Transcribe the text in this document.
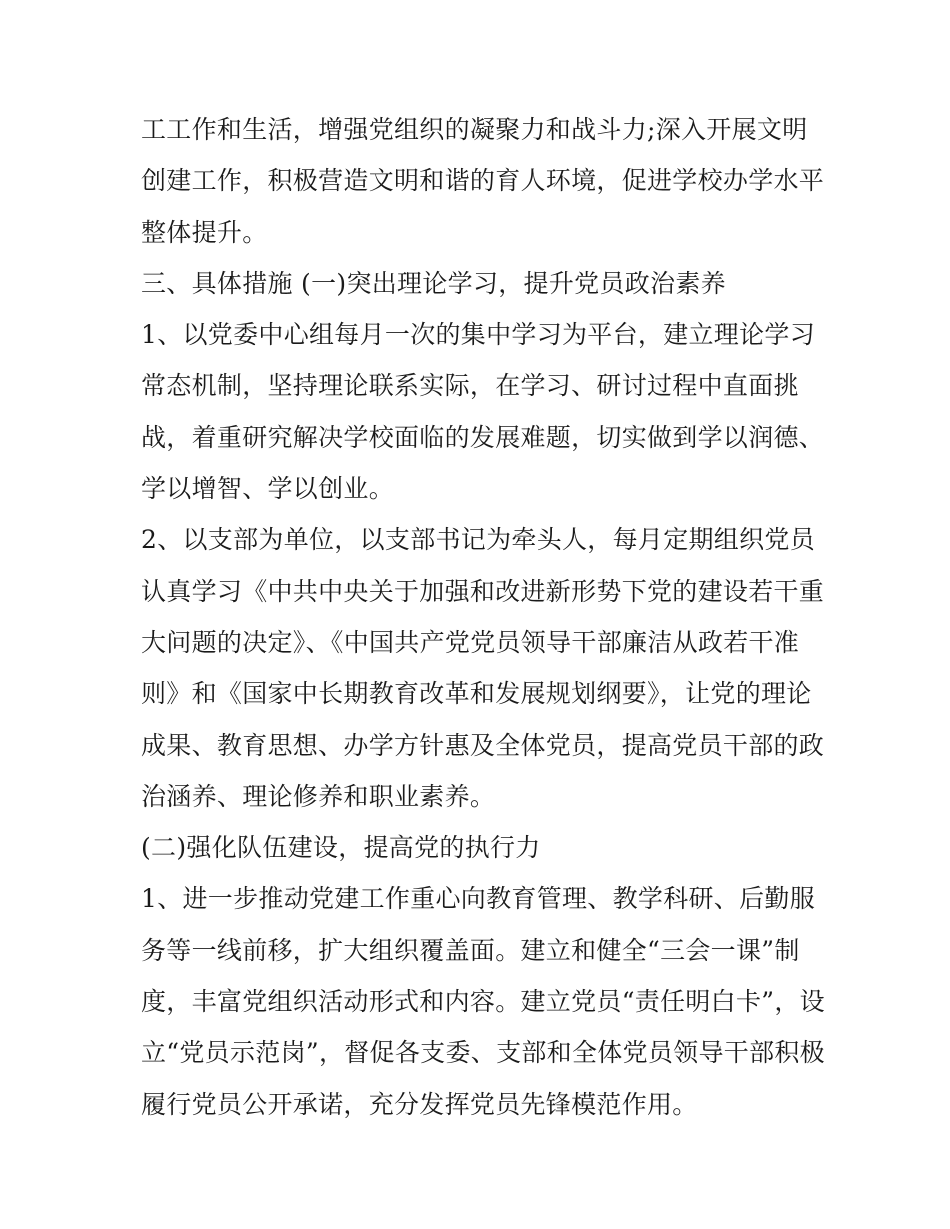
工工作和生活，增强党组织的凝聚力和战斗力;深入开展文明
创建工作，积极营造文明和谐的育人环境，促进学校办学水平
整体提升。
三、具体措施 (一)突出理论学习，提升党员政治素养
1、以党委中心组每月一次的集中学习为平台，建立理论学习
常态机制，坚持理论联系实际，在学习、研讨过程中直面挑
战，着重研究解决学校面临的发展难题，切实做到学以润德、
学以增智、学以创业。
2、以支部为单位，以支部书记为牵头人，每月定期组织党员
认真学习《中共中央关于加强和改进新形势下党的建设若干重
大问题的决定》、《中国共产党党员领导干部廉洁从政若干准
则》和《国家中长期教育改革和发展规划纲要》，让党的理论
成果、教育思想、办学方针惠及全体党员，提高党员干部的政
治涵养、理论修养和职业素养。
(二)强化队伍建设，提高党的执行力
1、进一步推动党建工作重心向教育管理、教学科研、后勤服
务等一线前移，扩大组织覆盖面。建立和健全“三会一课”制
度，丰富党组织活动形式和内容。建立党员“责任明白卡”，设
立“党员示范岗”，督促各支委、支部和全体党员领导干部积极
履行党员公开承诺，充分发挥党员先锋模范作用。
